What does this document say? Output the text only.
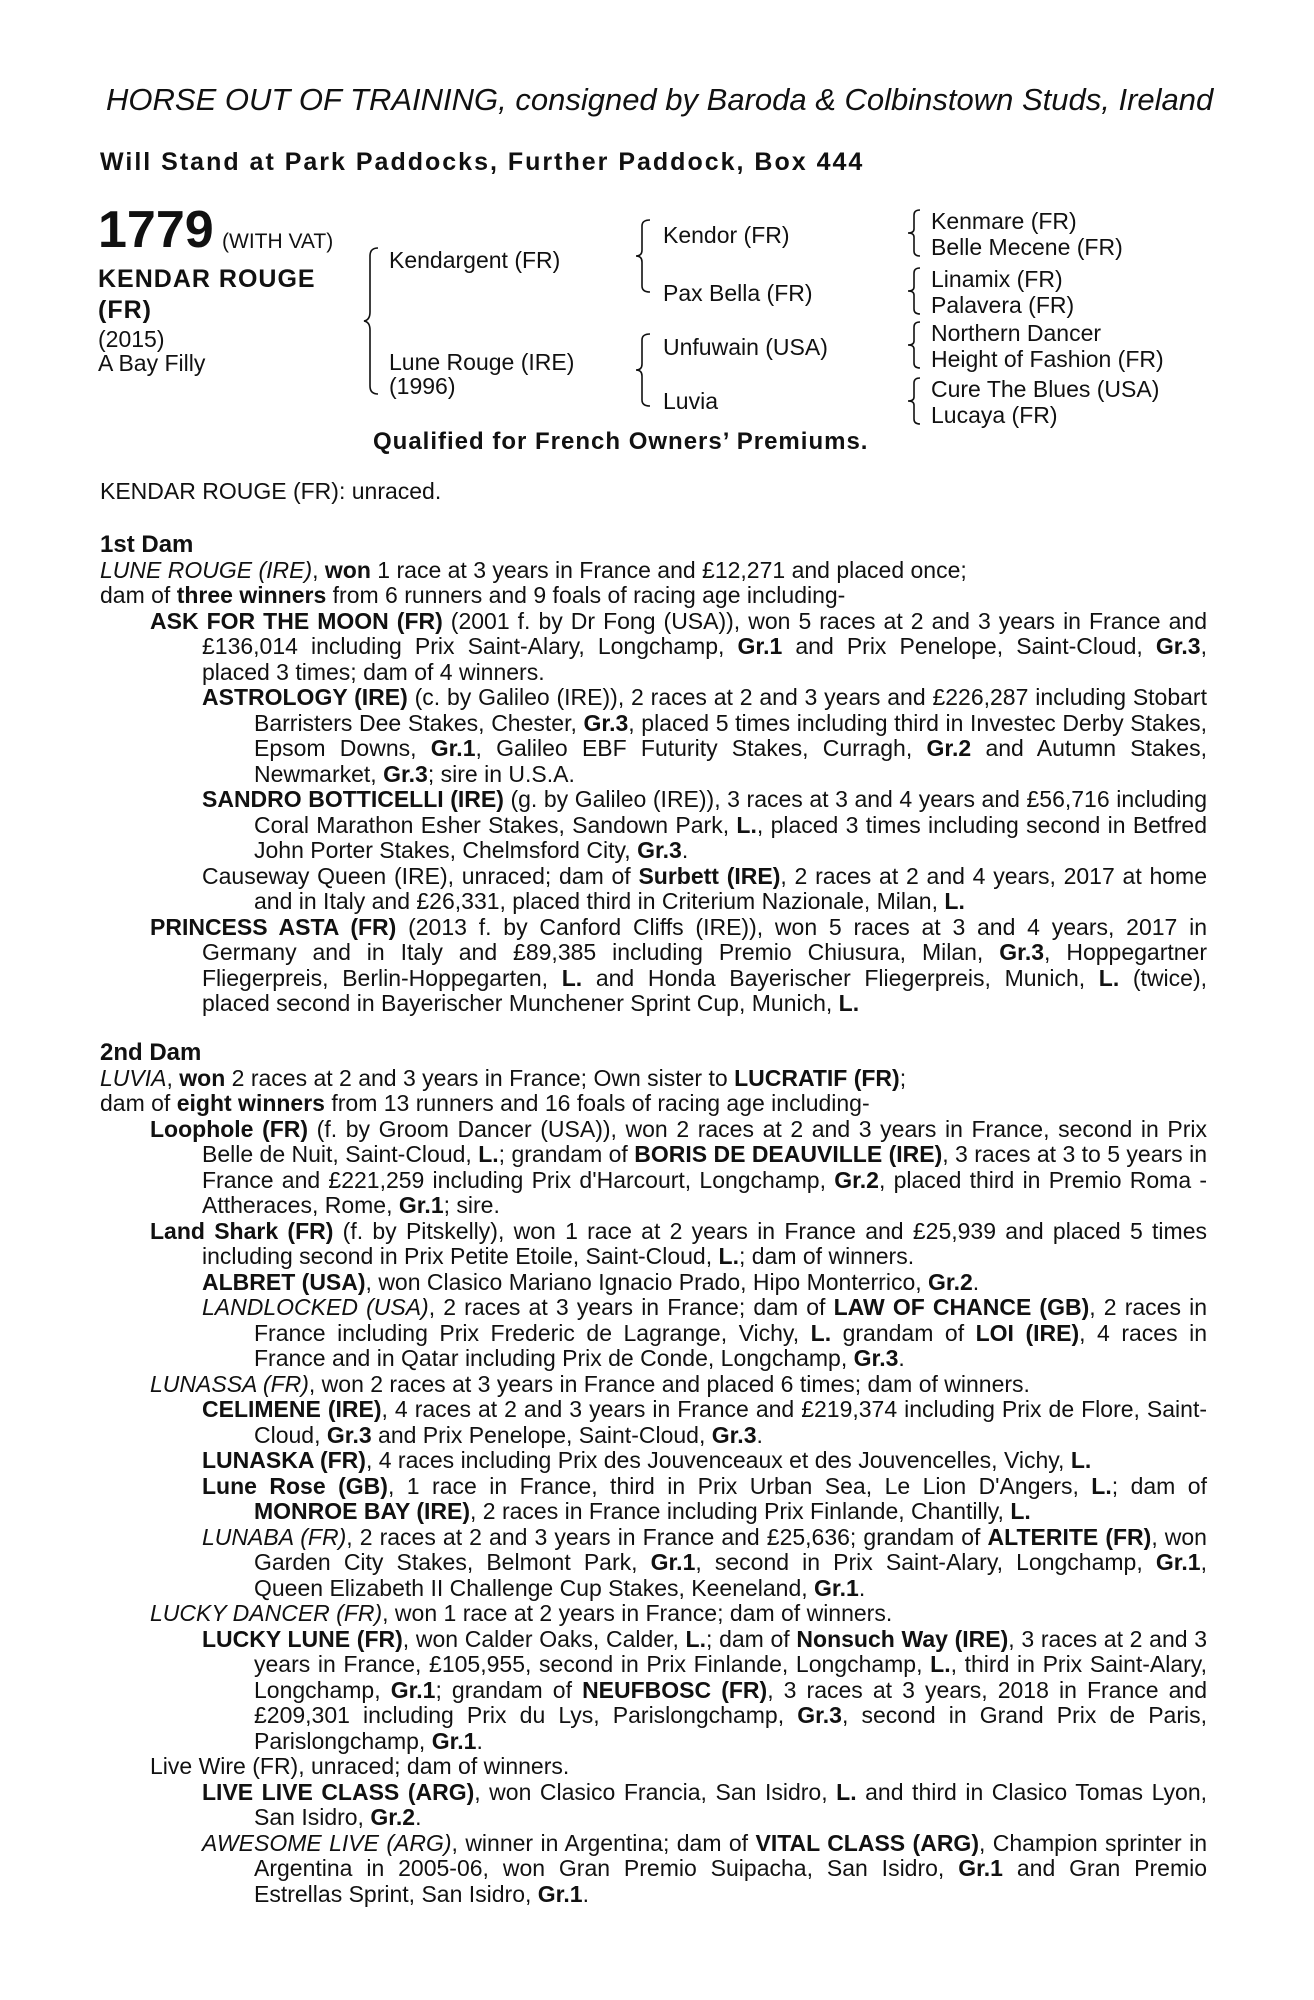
HORSE OUT OF TRAINING, consigned by Baroda & Colbinstown Studs, Ireland
Will Stand at Park Paddocks, Further Paddock, Box 444
1779 (WITH VAT)
KENDAR ROUGE
(FR)
(2015)
A Bay Filly
Kendargent (FR)
Lune Rouge (IRE)
(1996)
Kendor (FR)
Pax Bella (FR)
Unfuwain (USA)
Luvia
Kenmare (FR)
Belle Mecene (FR)
Linamix (FR)
Palavera (FR)
Northern Dancer
Height of Fashion (FR)
Cure The Blues (USA)
Lucaya (FR)
Qualified for French Owners’ Premiums.
KENDAR ROUGE (FR): unraced.

1st Dam

LUNE ROUGE (IRE), won 1 race at 3 years in France and £12,271 and placed once;

dam of three winners from 6 runners and 9 foals of racing age including-

ASK FOR THE MOON (FR) (2001 f. by Dr Fong (USA)), won 5 races at 2 and 3 years in France and £136,014 including Prix Saint-Alary, Longchamp, Gr.1 and Prix Penelope, Saint-Cloud, Gr.3, placed 3 times; dam of 4 winners.

ASTROLOGY (IRE) (c. by Galileo (IRE)), 2 races at 2 and 3 years and £226,287 including Stobart Barristers Dee Stakes, Chester, Gr.3, placed 5 times including third in Investec Derby Stakes, Epsom Downs, Gr.1, Galileo EBF Futurity Stakes, Curragh, Gr.2 and Autumn Stakes, Newmarket, Gr.3; sire in U.S.A.

SANDRO BOTTICELLI (IRE) (g. by Galileo (IRE)), 3 races at 3 and 4 years and £56,716 including Coral Marathon Esher Stakes, Sandown Park, L., placed 3 times including second in Betfred John Porter Stakes, Chelmsford City, Gr.3.

Causeway Queen (IRE), unraced; dam of Surbett (IRE), 2 races at 2 and 4 years, 2017 at home and in Italy and £26,331, placed third in Criterium Nazionale, Milan, L.

PRINCESS ASTA (FR) (2013 f. by Canford Cliffs (IRE)), won 5 races at 3 and 4 years, 2017 in Germany and in Italy and £89,385 including Premio Chiusura, Milan, Gr.3, Hoppegartner Fliegerpreis, Berlin-Hoppegarten, L. and Honda Bayerischer Fliegerpreis, Munich, L. (twice), placed second in Bayerischer Munchener Sprint Cup, Munich, L.

2nd Dam

LUVIA, won 2 races at 2 and 3 years in France; Own sister to LUCRATIF (FR);

dam of eight winners from 13 runners and 16 foals of racing age including-

Loophole (FR) (f. by Groom Dancer (USA)), won 2 races at 2 and 3 years in France, second in Prix Belle de Nuit, Saint-Cloud, L.; grandam of BORIS DE DEAUVILLE (IRE), 3 races at 3 to 5 years in France and £221,259 including Prix d'Harcourt, Longchamp, Gr.2, placed third in Premio Roma - Attheraces, Rome, Gr.1; sire.

Land Shark (FR) (f. by Pitskelly), won 1 race at 2 years in France and £25,939 and placed 5 times including second in Prix Petite Etoile, Saint-Cloud, L.; dam of winners.

ALBRET (USA), won Clasico Mariano Ignacio Prado, Hipo Monterrico, Gr.2.

LANDLOCKED (USA), 2 races at 3 years in France; dam of LAW OF CHANCE (GB), 2 races in France including Prix Frederic de Lagrange, Vichy, L. grandam of LOI (IRE), 4 races in France and in Qatar including Prix de Conde, Longchamp, Gr.3.

LUNASSA (FR), won 2 races at 3 years in France and placed 6 times; dam of winners.

CELIMENE (IRE), 4 races at 2 and 3 years in France and £219,374 including Prix de Flore, Saint-Cloud, Gr.3 and Prix Penelope, Saint-Cloud, Gr.3.

LUNASKA (FR), 4 races including Prix des Jouvenceaux et des Jouvencelles, Vichy, L.

Lune Rose (GB), 1 race in France, third in Prix Urban Sea, Le Lion D'Angers, L.; dam of MONROE BAY (IRE), 2 races in France including Prix Finlande, Chantilly, L.

LUNABA (FR), 2 races at 2 and 3 years in France and £25,636; grandam of ALTERITE (FR), won Garden City Stakes, Belmont Park, Gr.1, second in Prix Saint-Alary, Longchamp, Gr.1, Queen Elizabeth II Challenge Cup Stakes, Keeneland, Gr.1.

LUCKY DANCER (FR), won 1 race at 2 years in France; dam of winners.

LUCKY LUNE (FR), won Calder Oaks, Calder, L.; dam of Nonsuch Way (IRE), 3 races at 2 and 3 years in France, £105,955, second in Prix Finlande, Longchamp, L., third in Prix Saint-Alary, Longchamp, Gr.1; grandam of NEUFBOSC (FR), 3 races at 3 years, 2018 in France and £209,301 including Prix du Lys, Parislongchamp, Gr.3, second in Grand Prix de Paris, Parislongchamp, Gr.1.

Live Wire (FR), unraced; dam of winners.

LIVE LIVE CLASS (ARG), won Clasico Francia, San Isidro, L. and third in Clasico Tomas Lyon, San Isidro, Gr.2.

AWESOME LIVE (ARG), winner in Argentina; dam of VITAL CLASS (ARG), Champion sprinter in Argentina in 2005-06, won Gran Premio Suipacha, San Isidro, Gr.1 and Gran Premio Estrellas Sprint, San Isidro, Gr.1.
